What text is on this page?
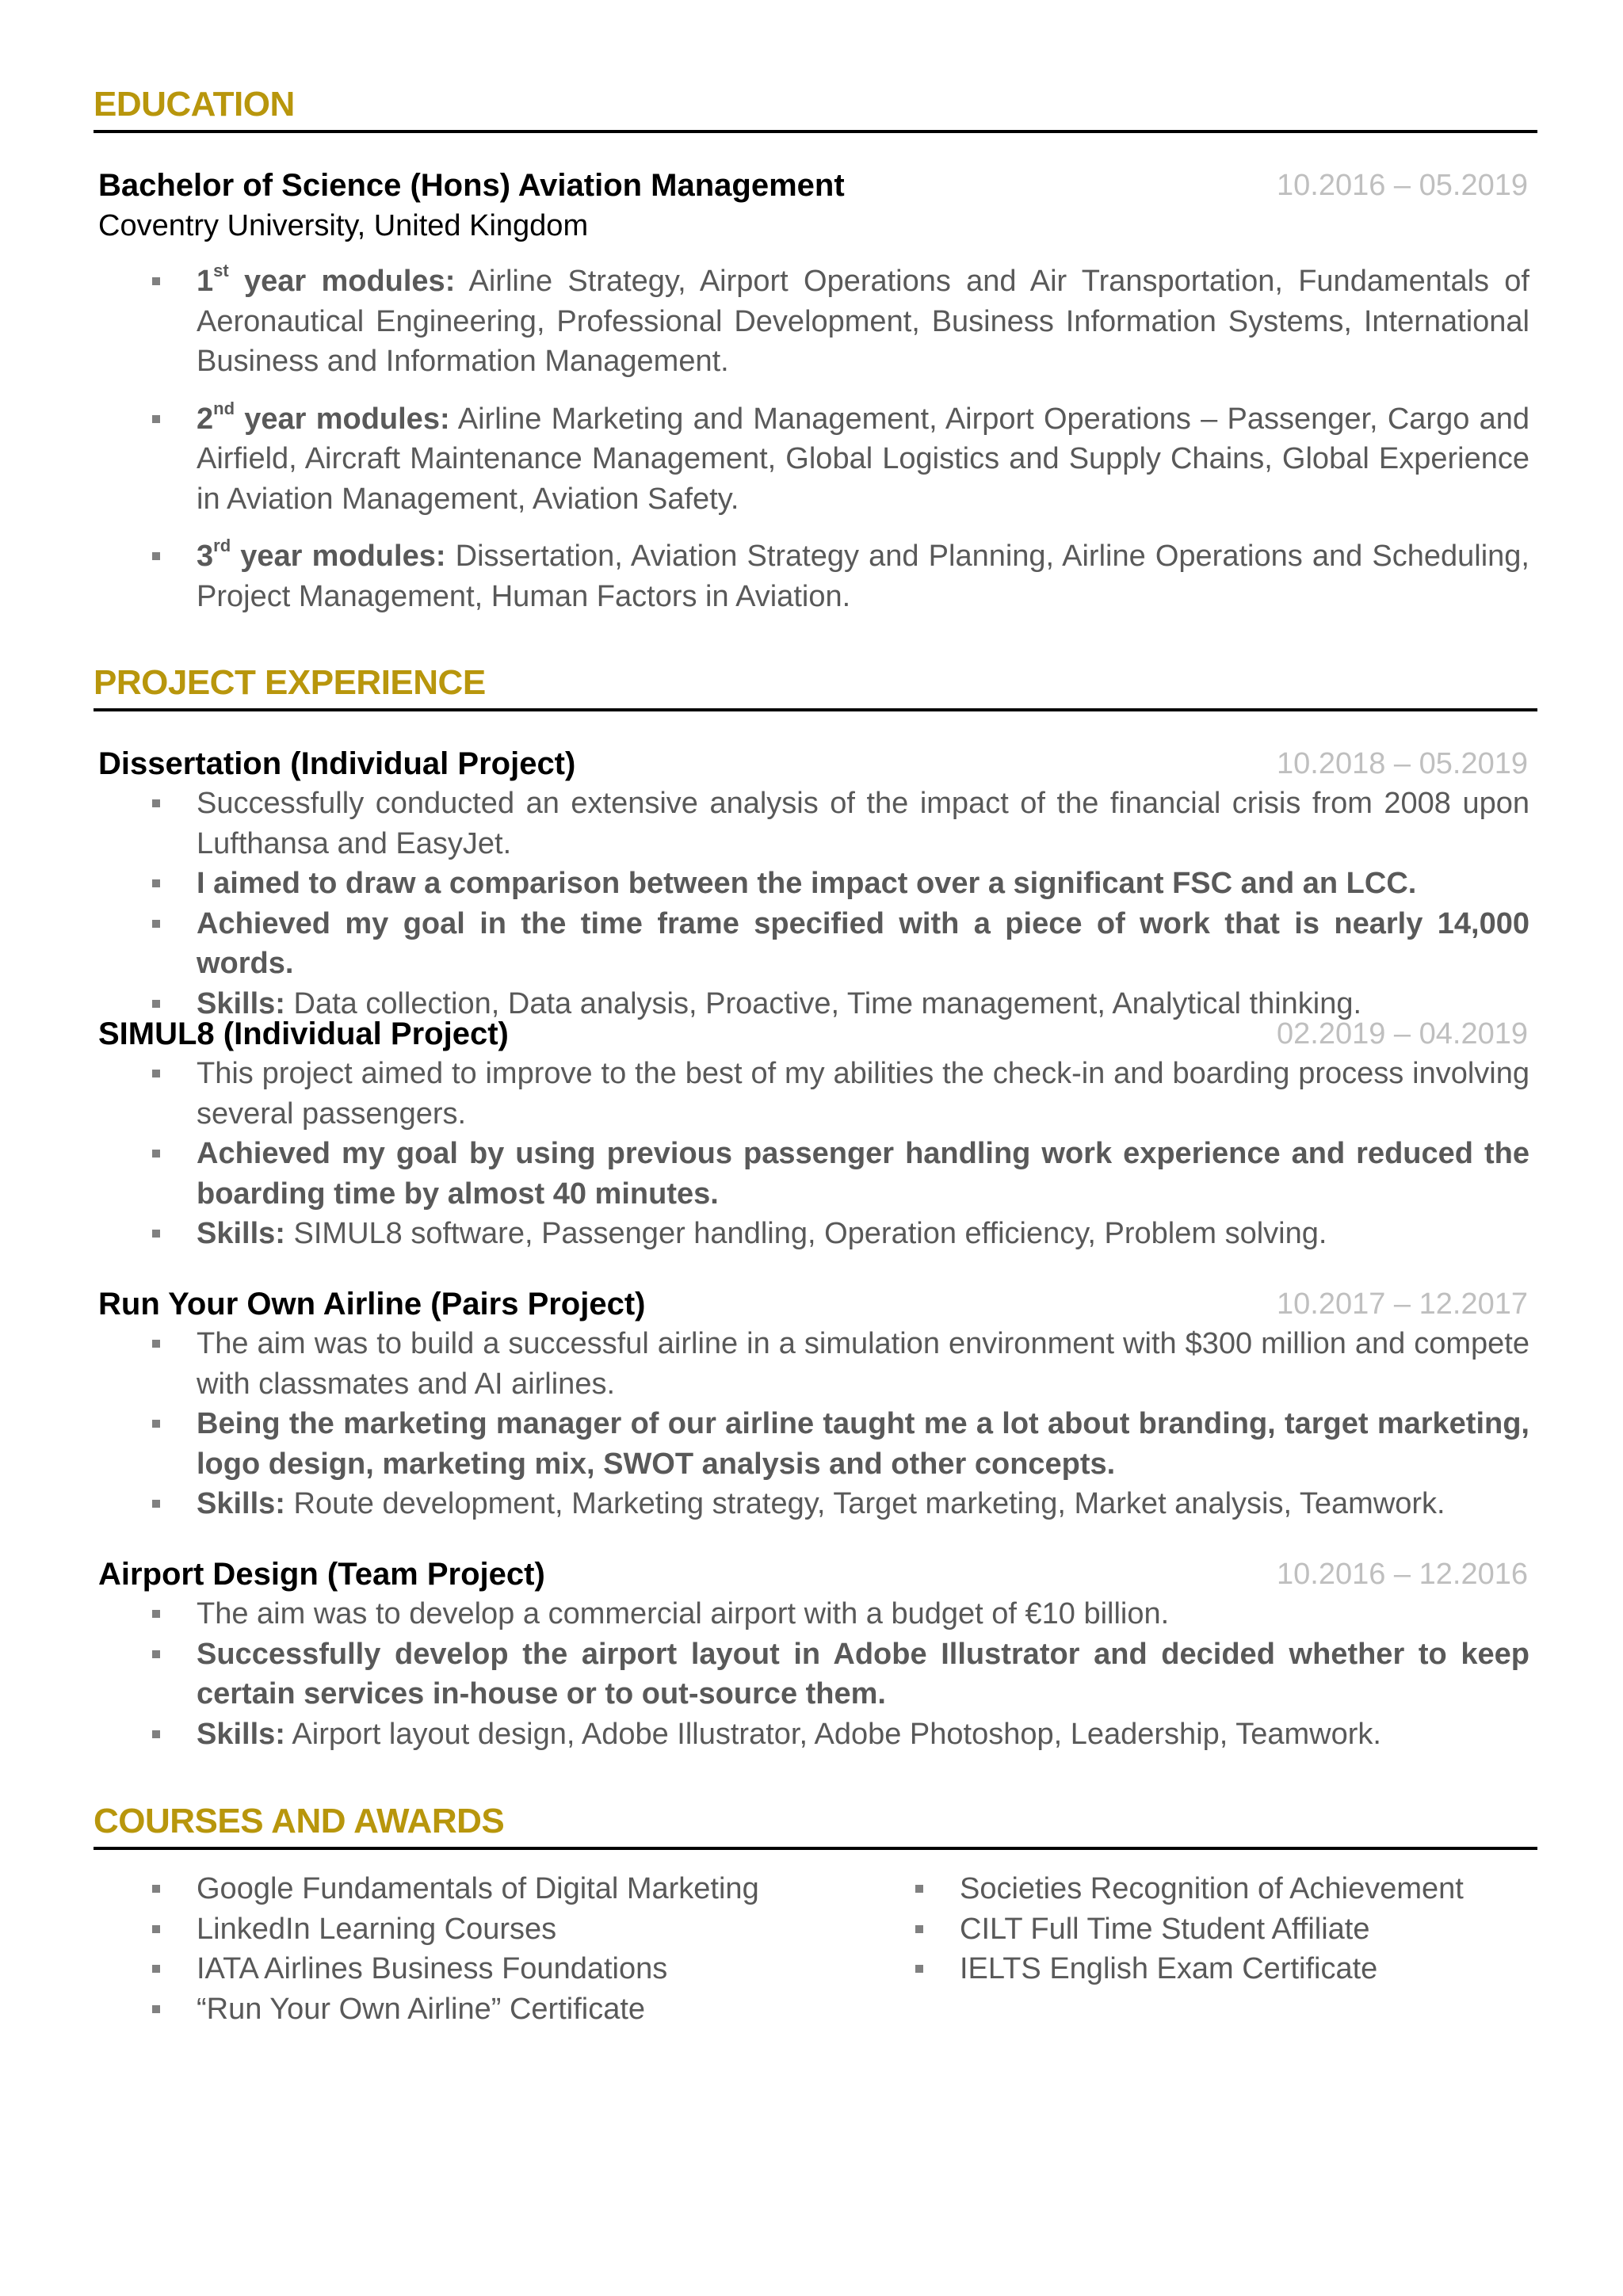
EDUCATION
Bachelor of Science (Hons) Aviation Management	10.2016 – 05.2019
Coventry University, United Kingdom
1st year modules: Airline Strategy, Airport Operations and Air Transportation, Fundamentals of Aeronautical Engineering, Professional Development, Business Information Systems, International Business and Information Management.
2nd year modules: Airline Marketing and Management, Airport Operations – Passenger, Cargo and Airfield, Aircraft Maintenance Management, Global Logistics and Supply Chains, Global Experience in Aviation Management, Aviation Safety.
3rd year modules: Dissertation, Aviation Strategy and Planning, Airline Operations and Scheduling, Project Management, Human Factors in Aviation.
PROJECT EXPERIENCE
Dissertation (Individual Project)	10.2018 – 05.2019
Successfully conducted an extensive analysis of the impact of the financial crisis from 2008 upon Lufthansa and EasyJet.
I aimed to draw a comparison between the impact over a significant FSC and an LCC.
Achieved my goal in the time frame specified with a piece of work that is nearly 14,000 words.
Skills: Data collection, Data analysis, Proactive, Time management, Analytical thinking.
SIMUL8 (Individual Project)	02.2019 – 04.2019
This project aimed to improve to the best of my abilities the check-in and boarding process involving several passengers.
Achieved my goal by using previous passenger handling work experience and reduced the boarding time by almost 40 minutes.
Skills: SIMUL8 software, Passenger handling, Operation efficiency, Problem solving.
Run Your Own Airline (Pairs Project)	10.2017 – 12.2017
The aim was to build a successful airline in a simulation environment with $300 million and compete with classmates and AI airlines.
Being the marketing manager of our airline taught me a lot about branding, target marketing, logo design, marketing mix, SWOT analysis and other concepts.
Skills: Route development, Marketing strategy, Target marketing, Market analysis, Teamwork.
Airport Design (Team Project)	10.2016 – 12.2016
The aim was to develop a commercial airport with a budget of €10 billion.
Successfully develop the airport layout in Adobe Illustrator and decided whether to keep certain services in-house or to out-source them.
Skills: Airport layout design, Adobe Illustrator, Adobe Photoshop, Leadership, Teamwork.
COURSES AND AWARDS
Google Fundamentals of Digital Marketing
LinkedIn Learning Courses
IATA Airlines Business Foundations
“Run Your Own Airline” Certificate
Societies Recognition of Achievement
CILT Full Time Student Affiliate
IELTS English Exam Certificate
